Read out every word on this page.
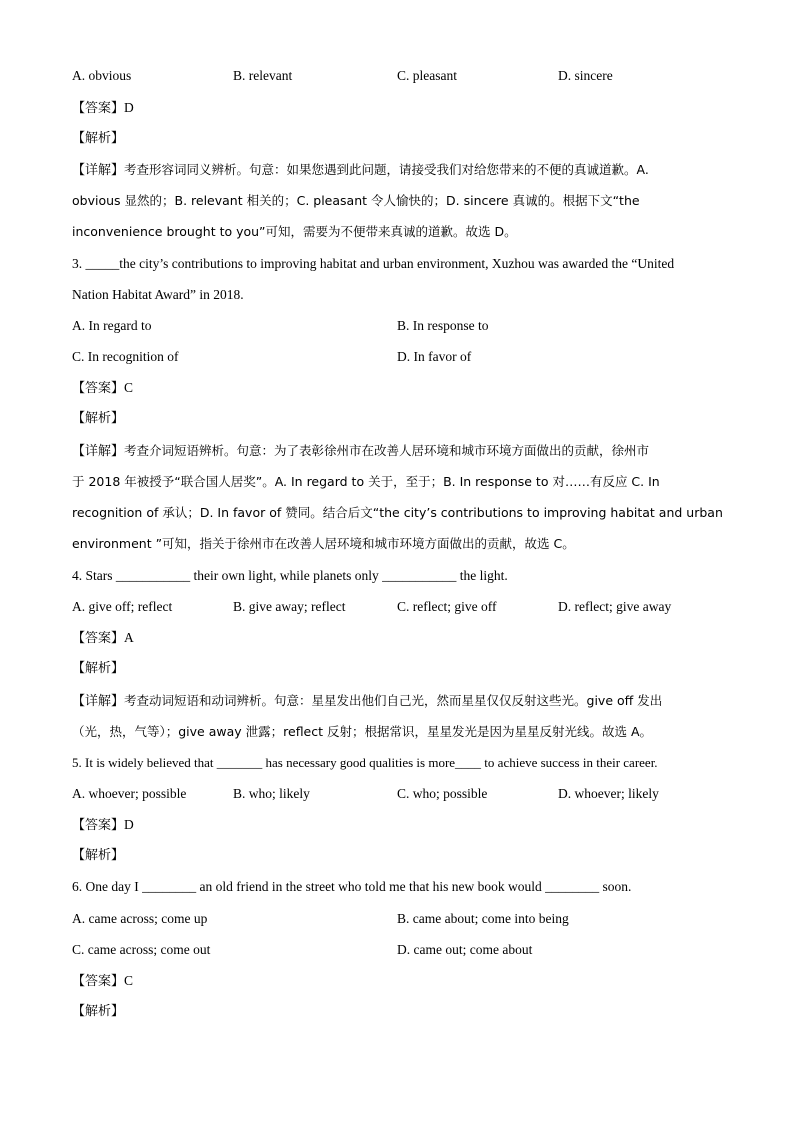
A. obvious	B. relevant	C. pleasant	D. sincere
【答案】D
【解析】
【详解】考查形容词同义辨析。句意：如果您遇到此问题，请接受我们对给您带来的不便的真诚道歉。A.
obvious 显然的；B. relevant 相关的；C. pleasant 令人愉快的；D. sincere 真诚的。根据下文“the
inconvenience brought to you”可知，需要为不便带来真诚的道歉。故选 D。
3. _____the city’s contributions to improving habitat and urban environment, Xuzhou was awarded the “United
Nation Habitat Award” in 2018.
A. In regard to	B. In response to
C. In recognition of	D. In favor of
【答案】C
【解析】
【详解】考查介词短语辨析。句意：为了表彰徐州市在改善人居环境和城市环境方面做出的贡献，徐州市
于 2018 年被授予“联合国人居奖”。A. In regard to 关于，至于；B. In response to 对……有反应 C. In
recognition of 承认；D. In favor of 赞同。结合后文“the city’s contributions to improving habitat and urban
environment ”可知，指关于徐州市在改善人居环境和城市环境方面做出的贡献，故选 C。
4. Stars ___________ their own light, while planets only ___________ the light.
A. give off; reflect	B. give away; reflect	C. reflect; give off	D. reflect; give away
【答案】A
【解析】
【详解】考查动词短语和动词辨析。句意：星星发出他们自己光，然而星星仅仅反射这些光。give off 发出
（光，热，气等）；give away 泄露；reflect 反射；根据常识，星星发光是因为星星反射光线。故选 A。
5. It is widely believed that _______ has necessary good qualities is more____ to achieve success in their career.
A. whoever; possible	B. who; likely	C. who; possible	D. whoever; likely
【答案】D
【解析】
6. One day I ________ an old friend in the street who told me that his new book would ________ soon.
A. came across; come up	B. came about; come into being
C. came across; come out	D. came out; come about
【答案】C
【解析】
